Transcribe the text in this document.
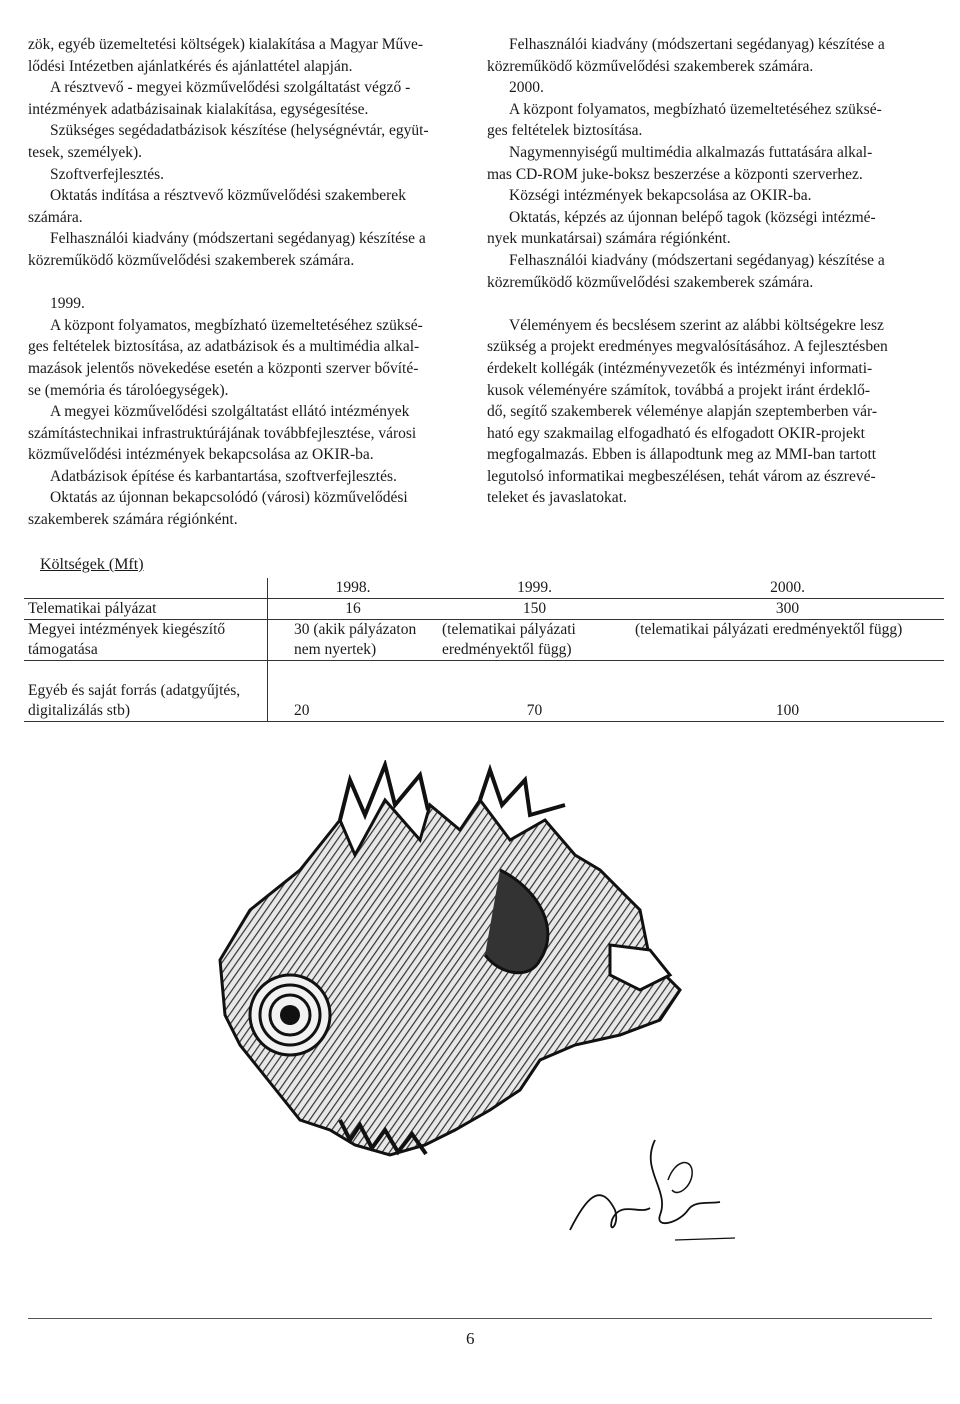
zök, egyéb üzemeltetési költségek) kialakítása a Magyar Műve-

lődési Intézetben ajánlatkérés és ajánlattétel alapján.

A résztvevő - megyei közművelődési szolgáltatást végző -

intézmények adatbázisainak kialakítása, egységesítése.

Szükséges segédadatbázisok készítése (helységnévtár, együt-

tesek, személyek).

Szoftverfejlesztés.

Oktatás indítása a résztvevő közművelődési szakemberek

számára.

Felhasználói kiadvány (módszertani segédanyag) készítése a

közreműködő közművelődési szakemberek számára.

1999.

A központ folyamatos, megbízható üzemeltetéséhez szüksé-

ges feltételek biztosítása, az adatbázisok és a multimédia alkal-

mazások jelentős növekedése esetén a központi szerver bővíté-

se (memória és tárolóegységek).

A megyei közművelődési szolgáltatást ellátó intézmények

számítástechnikai infrastruktúrájának továbbfejlesztése, városi

közművelődési intézmények bekapcsolása az OKIR-ba.

Adatbázisok építése és karbantartása, szoftverfejlesztés.

Oktatás az újonnan bekapcsolódó (városi) közművelődési

szakemberek számára régiónként.

Felhasználói kiadvány (módszertani segédanyag) készítése a

közreműködő közművelődési szakemberek számára.

2000.

A központ folyamatos, megbízható üzemeltetéséhez szüksé-

ges feltételek biztosítása.

Nagymennyiségű multimédia alkalmazás futtatására alkal-

mas CD-ROM juke-boksz beszerzése a központi szerverhez.

Községi intézmények bekapcsolása az OKIR-ba.

Oktatás, képzés az újonnan belépő tagok (községi intézmé-

nyek munkatársai) számára régiónként.

Felhasználói kiadvány (módszertani segédanyag) készítése a

közreműködő közművelődési szakemberek számára.

Véleményem és becslésem szerint az alábbi költségekre lesz

szükség a projekt eredményes megvalósításához. A fejlesztésben

érdekelt kollégák (intézményvezetők és intézményi informati-

kusok véleményére számítok, továbbá a projekt iránt érdeklő-

dő, segítő szakemberek véleménye alapján szeptemberben vár-

ható egy szakmailag elfogadható és elfogadott OKIR-projekt

megfogalmazás. Ebben is állapodtunk meg az MMI-ban tartott

legutolsó informatikai megbeszélésen, tehát várom az észrevé-

teleket és javaslatokat.

Költségek (Mft)
	1998.	1999.	2000.
Telematikai pályázat	16	150	300
Megyei intézmények kiegészítő támogatása	30 (akik pályázaton nem nyertek)	(telematikai pályázati eredményektől függ)	(telematikai pályázati eredményektől függ)
Egyéb és saját forrás (adatgyűjtés, digitalizálás stb)	20	70	100
6
